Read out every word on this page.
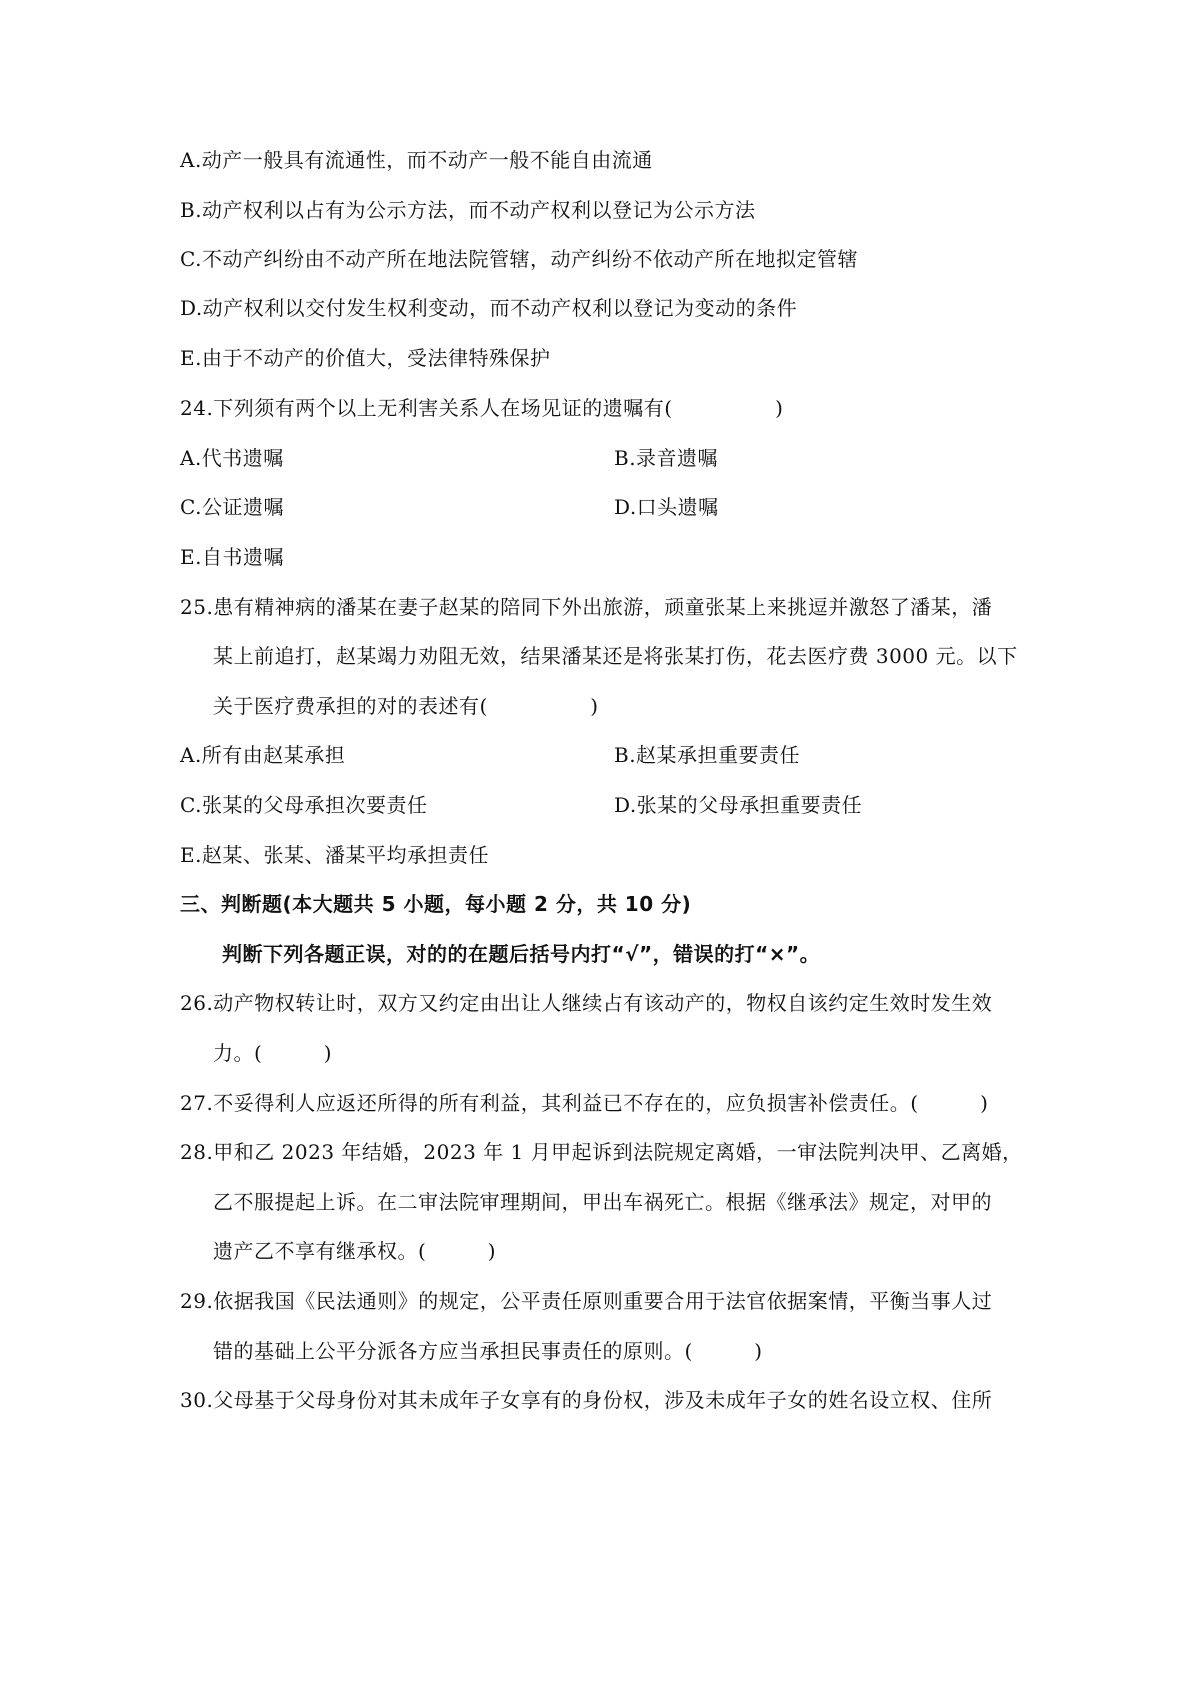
A.动产一般具有流通性，而不动产一般不能自由流通
B.动产权利以占有为公示方法，而不动产权利以登记为公示方法
C.不动产纠纷由不动产所在地法院管辖，动产纠纷不依动产所在地拟定管辖
D.动产权利以交付发生权利变动，而不动产权利以登记为变动的条件
E.由于不动产的价值大，受法律特殊保护
24.下列须有两个以上无利害关系人在场见证的遗嘱有(　　　　　)
A.代书遗嘱	B.录音遗嘱
C.公证遗嘱	D.口头遗嘱
E.自书遗嘱
25.患有精神病的潘某在妻子赵某的陪同下外出旅游，顽童张某上来挑逗并激怒了潘某，潘
某上前追打，赵某竭力劝阻无效，结果潘某还是将张某打伤，花去医疗费 3000 元。以下
关于医疗费承担的对的表述有(　　　　　)
A.所有由赵某承担	B.赵某承担重要责任
C.张某的父母承担次要责任	D.张某的父母承担重要责任
E.赵某、张某、潘某平均承担责任
三、判断题(本大题共 5 小题，每小题 2 分，共 10 分)
判断下列各题正误，对的的在题后括号内打“√”，错误的打“×”。
26.动产物权转让时，双方又约定由出让人继续占有该动产的，物权自该约定生效时发生效
力。(　　　)
27.不妥得利人应返还所得的所有利益，其利益已不存在的，应负损害补偿责任。(　　　)
28.甲和乙 2023 年结婚，2023 年 1 月甲起诉到法院规定离婚，一审法院判决甲、乙离婚，
乙不服提起上诉。在二审法院审理期间，甲出车祸死亡。根据《继承法》规定，对甲的
遗产乙不享有继承权。(　　　)
29.依据我国《民法通则》的规定，公平责任原则重要合用于法官依据案情，平衡当事人过
错的基础上公平分派各方应当承担民事责任的原则。(　　　)
30.父母基于父母身份对其未成年子女享有的身份权，涉及未成年子女的姓名设立权、住所
